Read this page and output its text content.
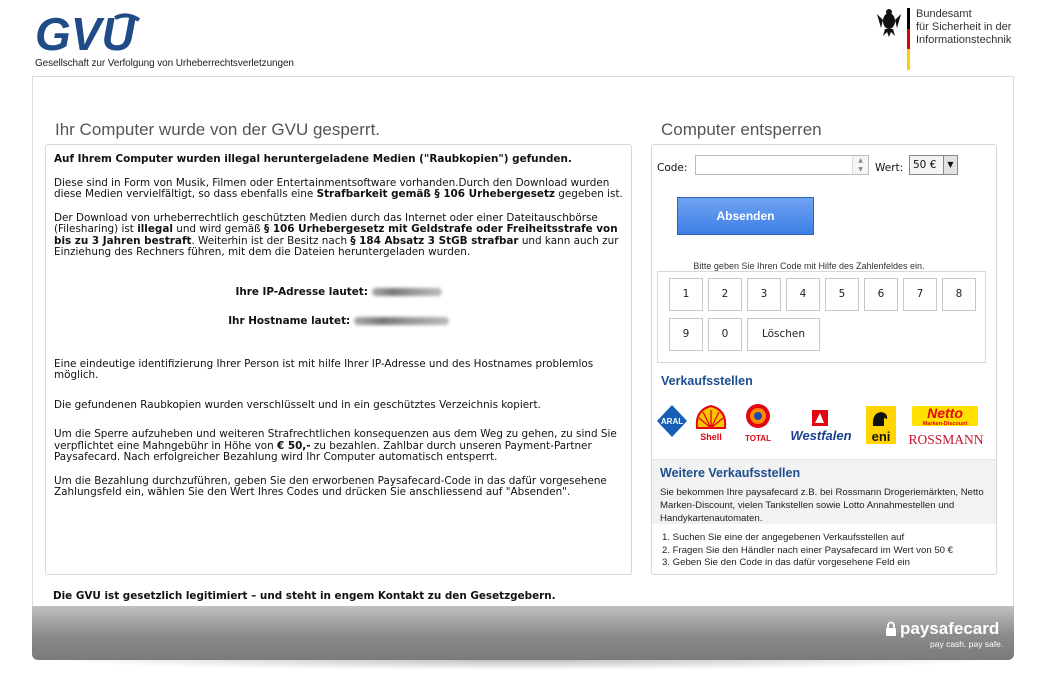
GVU
Gesellschaft zur Verfolgung von Urheberrechtsverletzungen
Bundesamt
für Sicherheit in der
Informationstechnik
Ihr Computer wurde von der GVU gesperrt.	Computer entsperren

Auf Ihrem Computer wurden illegal heruntergeladene Medien ("Raubkopien") gefunden.

Diese sind in Form von Musik, Filmen oder Entertainmentsoftware vorhanden.Durch den Download wurden diese Medien vervielfältigt, so dass ebenfalls eine Strafbarkeit gemäß § 106 Urhebergesetz gegeben ist.

Der Download von urheberrechtlich geschützten Medien durch das Internet oder einer Dateitauschbörse (Filesharing) ist illegal und wird gemäß § 106 Urhebergesetz mit Geldstrafe oder Freiheitsstrafe von bis zu 3 Jahren bestraft. Weiterhin ist der Besitz nach § 184 Absatz 3 StGB strafbar und kann auch zur Einziehung des Rechners führen, mit dem die Dateien heruntergeladen wurden.

Ihre IP-Adresse lautet:
Ihr Hostname lautet:

Eine eindeutige identifizierung Ihrer Person ist mit hilfe Ihrer IP-Adresse und des Hostnames problemlos möglich.

Die gefundenen Raubkopien wurden verschlüsselt und in ein geschütztes Verzeichnis kopiert.

Um die Sperre aufzuheben und weiteren Strafrechtlichen konsequenzen aus dem Weg zu gehen, zu sind Sie verpflichtet eine Mahngebühr in Höhe von € 50,- zu bezahlen. Zahlbar durch unseren Payment-Partner Paysafecard. Nach erfolgreicher Bezahlung wird Ihr Computer automatisch entsperrt.

Um die Bezahlung durchzuführen, geben Sie den erworbenen Paysafecard-Code in das dafür vorgesehene Zahlungsfeld ein, wählen Sie den Wert Ihres Codes und drücken Sie anschliessend auf "Absenden".

Die GVU ist gesetzlich legitimiert – und steht in engem Kontakt zu den Gesetzgebern.
Code:
▲
▼	Wert: 50 €	▼
Absenden
Bitte geben Sie Ihren Code mit Hilfe des Zahlenfeldes ein.
1	2	3	4	5	6	7	8
9	0	Löschen
Verkaufsstellen
ARAL
Shell	TOTAL Westfalen eni
Netto
Marken-Discount
ROSSMANN
Weitere Verkaufsstellen
Sie bekommen Ihre paysafecard z.B. bei Rossmann Drogeriemärkten, Netto Marken-Discount, vielen Tankstellen sowie Lotto Annahmestellen und Handykartenautomaten.
1. Suchen Sie eine der angegebenen Verkaufsstellen auf
2. Fragen Sie den Händler nach einer Paysafecard im Wert von 50 €
3. Geben Sie den Code in das dafür vorgesehene Feld ein
paysafecard
pay cash. pay safe.
